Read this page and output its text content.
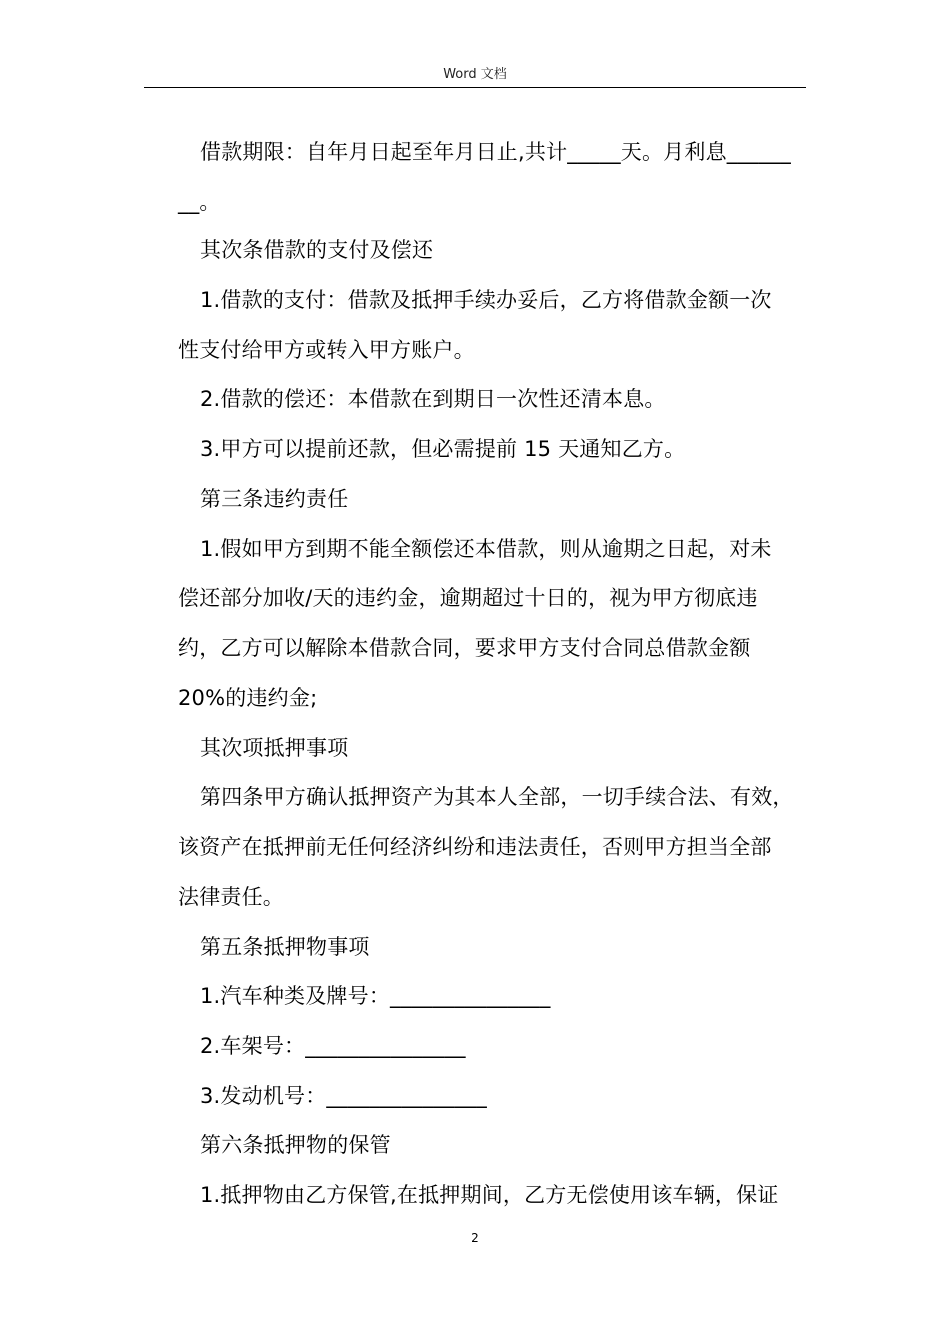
Word 文档
借款期限：自年月日起至年月日止,共计_____天。月利息______
__。
其次条借款的支付及偿还
1.借款的支付：借款及抵押手续办妥后，乙方将借款金额一次
性支付给甲方或转入甲方账户。
2.借款的偿还：本借款在到期日一次性还清本息。
3.甲方可以提前还款，但必需提前 15 天通知乙方。
第三条违约责任
1.假如甲方到期不能全额偿还本借款，则从逾期之日起，对未
偿还部分加收/天的违约金，逾期超过十日的，视为甲方彻底违
约，乙方可以解除本借款合同，要求甲方支付合同总借款金额
20%的违约金;
其次项抵押事项
第四条甲方确认抵押资产为其本人全部，一切手续合法、有效，
该资产在抵押前无任何经济纠纷和违法责任，否则甲方担当全部
法律责任。
第五条抵押物事项
1.汽车种类及牌号：_______________
2.车架号：_______________
3.发动机号：_______________
第六条抵押物的保管
1.抵押物由乙方保管,在抵押期间，乙方无偿使用该车辆，保证
2
